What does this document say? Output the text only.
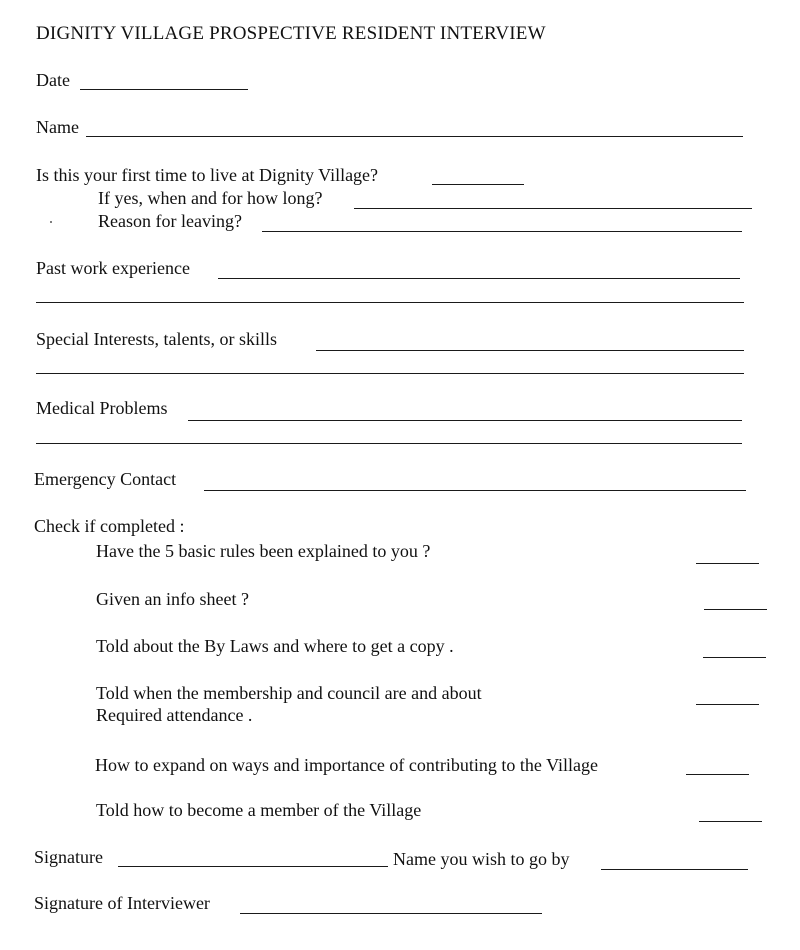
DIGNITY VILLAGE PROSPECTIVE RESIDENT INTERVIEW
Date
Name
Is this your first time to live at Dignity Village?
If yes, when and for how long?
Reason for leaving?
Past work experience
Special Interests, talents, or skills
Medical Problems
Emergency Contact
Check if completed :
Have the 5 basic rules been explained to you ?
Given an info sheet ?
Told about the By Laws and where to get a copy .
Told when the membership and council are and about
Required attendance .
How to expand on ways and importance of contributing to the Village
Told how to become a member of the Village
Signature	Name you wish to go by
Signature of Interviewer
